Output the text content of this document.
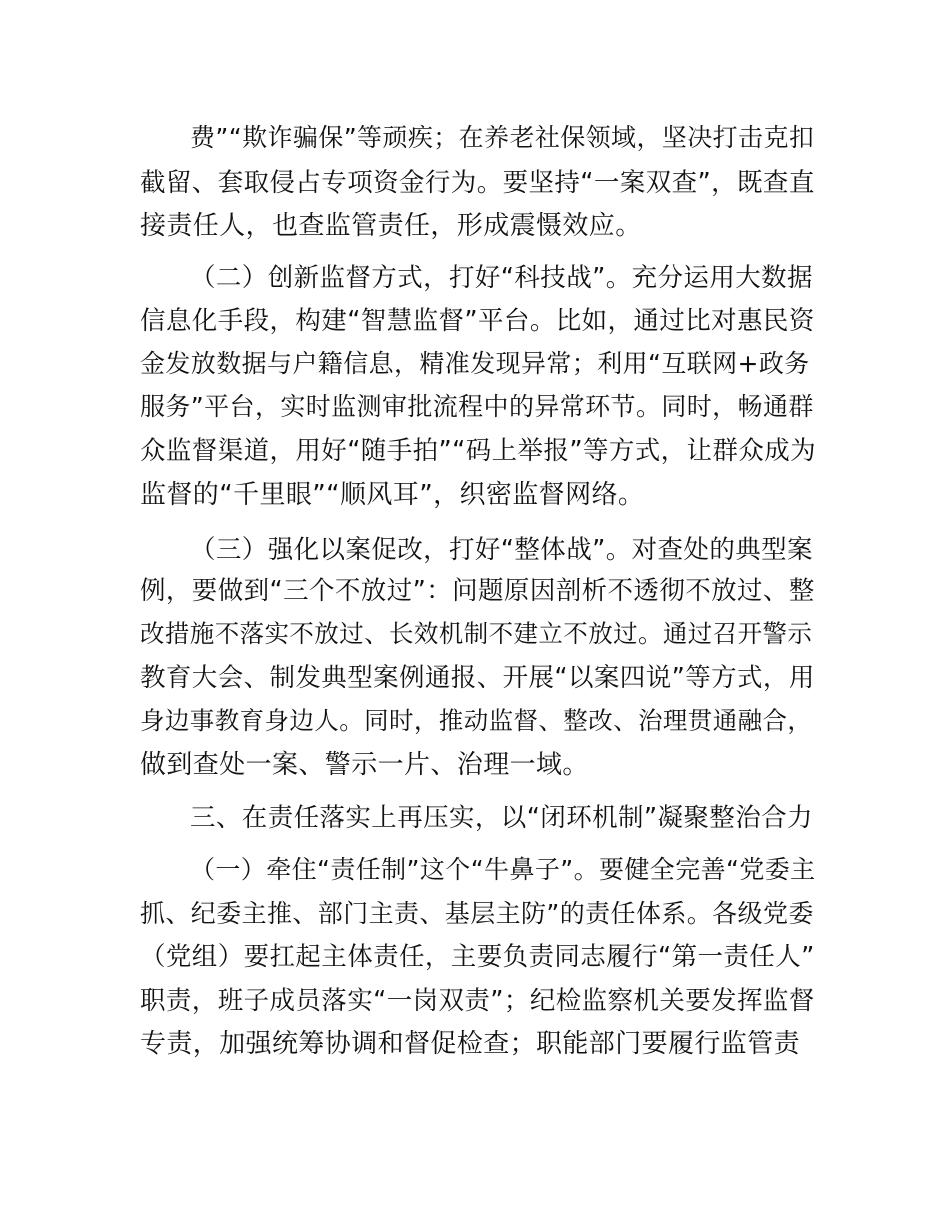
费”“欺诈骗保”等顽疾；在养老社保领域，坚决打击克扣

截留、套取侵占专项资金行为。要坚持“一案双查”，既查直

接责任人，也查监管责任，形成震慑效应。

（二）创新监督方式，打好“科技战”。充分运用大数据

信息化手段，构建“智慧监督”平台。比如，通过比对惠民资

金发放数据与户籍信息，精准发现异常；利用“互联网+政务

服务”平台，实时监测审批流程中的异常环节。同时，畅通群

众监督渠道，用好“随手拍”“码上举报”等方式，让群众成为

监督的“千里眼”“顺风耳”，织密监督网络。

（三）强化以案促改，打好“整体战”。对查处的典型案

例，要做到“三个不放过”：问题原因剖析不透彻不放过、整

改措施不落实不放过、长效机制不建立不放过。通过召开警示

教育大会、制发典型案例通报、开展“以案四说”等方式，用

身边事教育身边人。同时，推动监督、整改、治理贯通融合，

做到查处一案、警示一片、治理一域。

三、在责任落实上再压实，以“闭环机制”凝聚整治合力

（一）牵住“责任制”这个“牛鼻子”。要健全完善“党委主

抓、纪委主推、部门主责、基层主防”的责任体系。各级党委

（党组）要扛起主体责任，主要负责同志履行“第一责任人”

职责，班子成员落实“一岗双责”；纪检监察机关要发挥监督

专责，加强统筹协调和督促检查；职能部门要履行监管责
